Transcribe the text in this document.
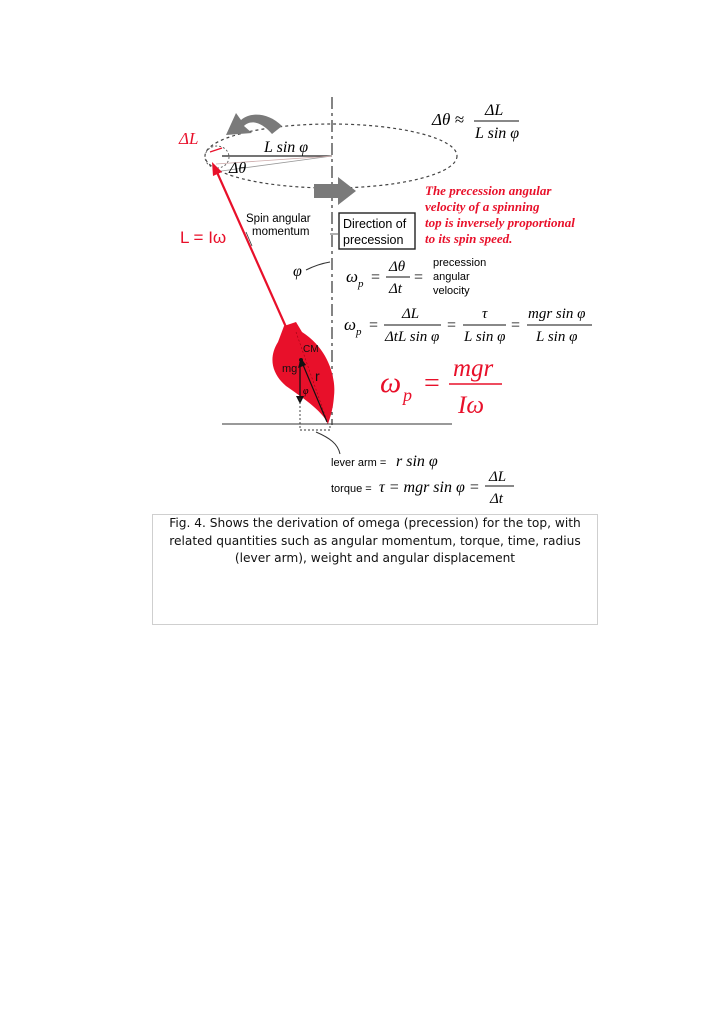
ΔL
Δθ
L sin φ
Δθ ≈ ΔL
L sin φ
L = Iω
Spin angular
momentum
Direction of
precession
The precession angular
velocity of a spinning
top is inversely proportional
to its spin speed.
φ	ω p =
Δθ
Δt
=
precession
angular
velocity
ω p =
ΔL
ΔtL sin φ
=
τ
L sin φ
=
mgr sin φ
L sin φ
ω p = mgr
Iω
CM
mg r
φ
lever arm = r sin φ
torque = τ = mgr sin φ =
ΔL
Δt

Fig. 4. Shows the derivation of omega (precession) for the top, with related quantities such as angular momentum, torque, time, radius (lever arm), weight and angular displacement
